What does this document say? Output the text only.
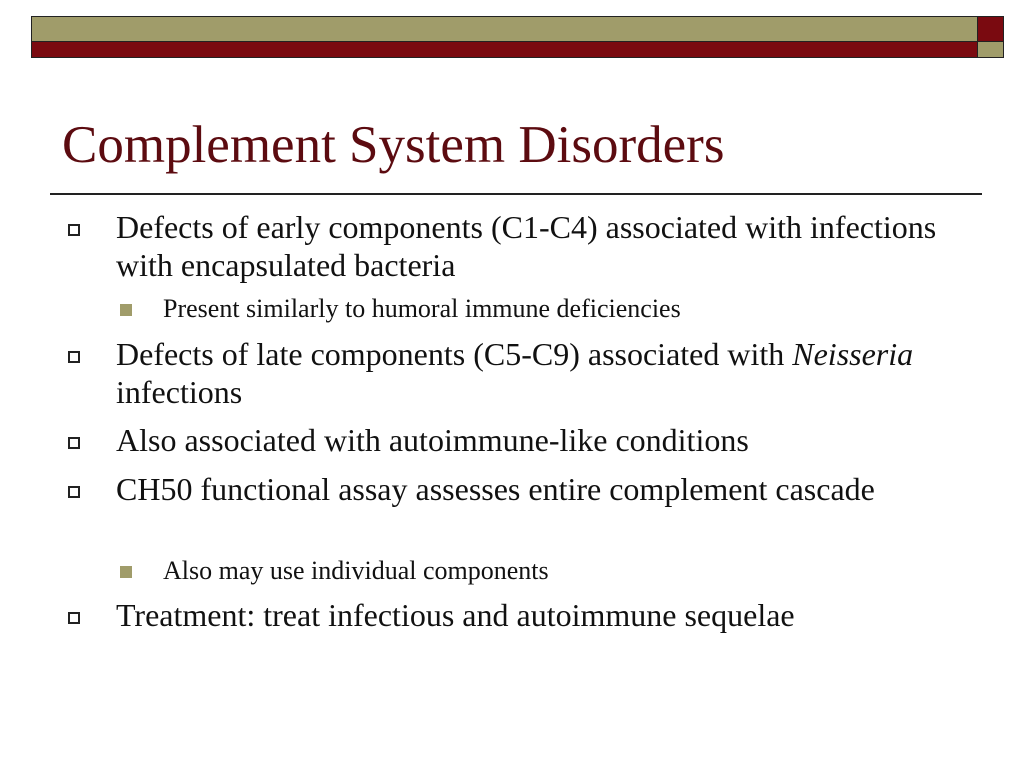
Complement System Disorders
Defects of early components (C1-C4) associated with infections with encapsulated bacteria
Present similarly to humoral immune deficiencies
Defects of late components (C5-C9) associated with Neisseria infections
Also associated with autoimmune-like conditions
CH50 functional assay assesses entire complement cascade
Also may use individual components
Treatment: treat infectious and autoimmune sequelae
